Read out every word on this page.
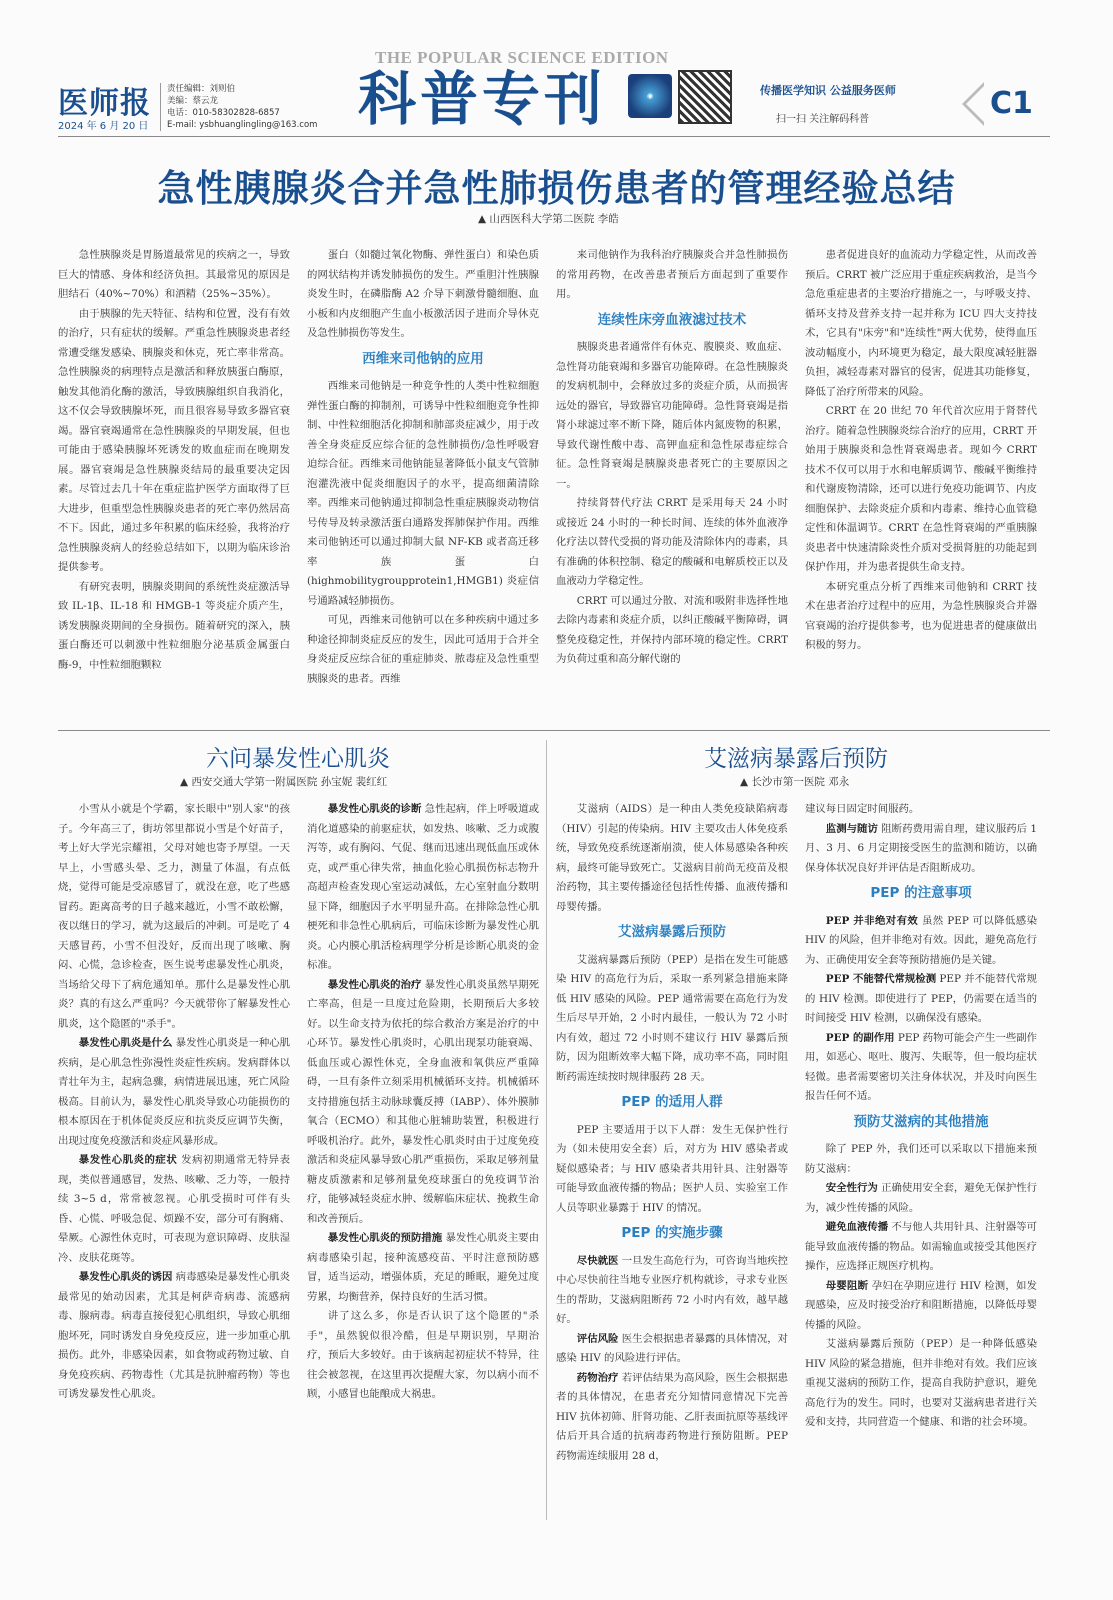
医师报
2024 年 6 月 20 日
责任编辑：刘则伯
美编：蔡云龙
电话：010-58302828-6857
E-mail: ysbhuanglingling@163.com
THE POPULAR SCIENCE EDITION
科普专刊	◉	传播医学知识 公益服务医师
扫一扫 关注解码科普	C1
急性胰腺炎合并急性肺损伤患者的管理经验总结
▲ 山西医科大学第二医院 李皓

急性胰腺炎是胃肠道最常见的疾病之一，导致巨大的情感、身体和经济负担。其最常见的原因是胆结石（40%~70%）和酒精（25%~35%）。

由于胰腺的先天特征、结构和位置，没有有效的治疗，只有症状的缓解。严重急性胰腺炎患者经常遭受继发感染、胰腺炎和休克，死亡率非常高。急性胰腺炎的病理特点是激活和释放胰蛋白酶原，触发其他消化酶的激活，导致胰腺组织自我消化，这不仅会导致胰腺坏死，而且很容易导致多器官衰竭。器官衰竭通常在急性胰腺炎的早期发展，但也可能由于感染胰腺坏死诱发的败血症而在晚期发展。器官衰竭是急性胰腺炎结局的最重要决定因素。尽管过去几十年在重症监护医学方面取得了巨大进步，但重型急性胰腺炎患者的死亡率仍然居高不下。因此，通过多年积累的临床经验，我将治疗急性胰腺炎病人的经验总结如下，以期为临床诊治提供参考。

有研究表明，胰腺炎期间的系统性炎症激活导致 IL-1β、IL-18 和 HMGB-1 等炎症介质产生，诱发胰腺炎期间的全身损伤。随着研究的深入，胰蛋白酶还可以刺激中性粒细胞分泌基质金属蛋白酶-9，中性粒细胞颗粒

蛋白（如髓过氧化物酶、弹性蛋白）和染色质的网状结构并诱发肺损伤的发生。严重胆汁性胰腺炎发生时，在磷脂酶 A2 介导下刺激骨髓细胞、血小板和内皮细胞产生血小板激活因子进而介导休克及急性肺损伤等发生。

西维来司他钠的应用

西维来司他钠是一种竞争性的人类中性粒细胞弹性蛋白酶的抑制剂，可诱导中性粒细胞竞争性抑制、中性粒细胞活化抑制和肺部炎症减少，用于改善全身炎症反应综合征的急性肺损伤/急性呼吸窘迫综合征。西维来司他钠能显著降低小鼠支气管肺泡灌洗液中促炎细胞因子的水平，提高细菌清除率。西维来司他钠通过抑制急性重症胰腺炎动物信号传导及转录激活蛋白通路发挥肺保护作用。西维来司他钠还可以通过抑制大鼠 NF-KB 或者高迁移率族蛋白 (highmobilitygroupprotein1,HMGB1) 炎症信号通路减轻肺损伤。

可见，西维来司他钠可以在多种疾病中通过多种途径抑制炎症反应的发生，因此可适用于合并全身炎症反应综合征的重症肺炎、脓毒症及急性重型胰腺炎的患者。西维

来司他钠作为我科治疗胰腺炎合并急性肺损伤的常用药物，在改善患者预后方面起到了重要作用。

连续性床旁血液滤过技术

胰腺炎患者通常伴有休克、腹膜炎、败血症、急性肾功能衰竭和多器官功能障碍。在急性胰腺炎的发病机制中，会释放过多的炎症介质，从而损害远处的器官，导致器官功能障碍。急性肾衰竭是指肾小球滤过率不断下降，随后体内氮废物的积累，导致代谢性酸中毒、高钾血症和急性尿毒症综合征。急性肾衰竭是胰腺炎患者死亡的主要原因之一。

持续肾替代疗法 CRRT 是采用每天 24 小时或接近 24 小时的一种长时间、连续的体外血液净化疗法以替代受损的肾功能及清除体内的毒素，具有准确的体积控制、稳定的酸碱和电解质校正以及血液动力学稳定性。

CRRT 可以通过分散、对流和吸附非选择性地去除内毒素和炎症介质，以纠正酸碱平衡障碍，调整免疫稳定性，并保持内部环境的稳定性。CRRT 为负荷过重和高分解代谢的

患者促进良好的血流动力学稳定性，从而改善预后。CRRT 被广泛应用于重症疾病救治，是当今急危重症患者的主要治疗措施之一，与呼吸支持、循环支持及营养支持一起并称为 ICU 四大支持技术，它具有"床旁"和"连续性"两大优势，使得血压波动幅度小，内环境更为稳定，最大限度减轻脏器负担，减轻毒素对器官的侵害，促进其功能修复，降低了治疗所带来的风险。

CRRT 在 20 世纪 70 年代首次应用于肾替代治疗。随着急性胰腺炎综合治疗的应用，CRRT 开始用于胰腺炎和急性肾衰竭患者。现如今 CRRT 技术不仅可以用于水和电解质调节、酸碱平衡维持和代谢废物清除，还可以进行免疫功能调节、内皮细胞保护、去除炎症介质和内毒素、维持心血管稳定性和体温调节。CRRT 在急性肾衰竭的严重胰腺炎患者中快速清除炎性介质对受损肾脏的功能起到保护作用，并为患者提供生命支持。

本研究重点分析了西维来司他钠和 CRRT 技术在患者治疗过程中的应用，为急性胰腺炎合并器官衰竭的治疗提供参考，也为促进患者的健康做出积极的努力。

六问暴发性心肌炎
▲ 西安交通大学第一附属医院 孙宝妮 裴红红

小雪从小就是个学霸，家长眼中"别人家"的孩子。今年高三了，街坊邻里都说小雪是个好苗子，考上好大学光宗耀祖，父母对她也寄予厚望。一天早上，小雪感头晕、乏力，测量了体温，有点低烧，觉得可能是受凉感冒了，就没在意，吃了些感冒药。距离高考的日子越来越近，小雪不敢松懈，夜以继日的学习，就为这最后的冲刺。可是吃了 4 天感冒药，小雪不但没好，反而出现了咳嗽、胸闷、心慌，急诊检查，医生说考虑暴发性心肌炎，当场给父母下了病危通知单。那什么是暴发性心肌炎？真的有这么严重吗？今天就带你了解暴发性心肌炎，这个隐匿的"杀手"。

暴发性心肌炎是什么 暴发性心肌炎是一种心肌疾病，是心肌急性弥漫性炎症性疾病。发病群体以青壮年为主，起病急骤，病情进展迅速，死亡风险极高。目前认为，暴发性心肌炎导致心功能损伤的根本原因在于机体促炎反应和抗炎反应调节失衡，出现过度免疫激活和炎症风暴形成。

暴发性心肌炎的症状 发病初期通常无特异表现，类似普通感冒，发热、咳嗽、乏力等，一般持续 3~5 d，常常被忽视。心肌受损时可伴有头昏、心慌、呼吸急促、烦躁不安，部分可有胸痛、晕厥。心源性休克时，可表现为意识障碍、皮肤湿冷、皮肤花斑等。

暴发性心肌炎的诱因 病毒感染是暴发性心肌炎最常见的始动因素，尤其是柯萨奇病毒、流感病毒、腺病毒。病毒直接侵犯心肌组织，导致心肌细胞坏死，同时诱发自身免疫反应，进一步加重心肌损伤。此外，非感染因素，如食物或药物过敏、自身免疫疾病、药物毒性（尤其是抗肿瘤药物）等也可诱发暴发性心肌炎。

暴发性心肌炎的诊断 急性起病，伴上呼吸道或消化道感染的前驱症状，如发热、咳嗽、乏力或腹泻等，或有胸闷、气促、继而迅速出现低血压或休克，或严重心律失常，抽血化验心肌损伤标志物升高超声检查发现心室运动减低，左心室射血分数明显下降，细胞因子水平明显升高。在排除急性心肌梗死和非急性心肌病后，可临床诊断为暴发性心肌炎。心内膜心肌活检病理学分析是诊断心肌炎的金标准。

暴发性心肌炎的治疗 暴发性心肌炎虽然早期死亡率高，但是一旦度过危险期，长期预后大多较好。以生命支持为依托的综合救治方案是治疗的中心环节。暴发性心肌炎时，心肌出现泵功能衰竭、低血压或心源性休克，全身血液和氧供应严重障碍，一旦有条件立刻采用机械循环支持。机械循环支持措施包括主动脉球囊反搏（IABP）、体外膜肺氧合（ECMO）和其他心脏辅助装置，积极进行呼吸机治疗。此外，暴发性心肌炎时由于过度免疫激活和炎症风暴导致心肌严重损伤，采取足够剂量糖皮质激素和足够剂量免疫球蛋白的免疫调节治疗，能够减轻炎症水肿、缓解临床症状、挽救生命和改善预后。

暴发性心肌炎的预防措施 暴发性心肌炎主要由病毒感染引起，接种流感疫苗、平时注意预防感冒，适当运动，增强体质，充足的睡眠，避免过度劳累，均衡营养，保持良好的生活习惯。

讲了这么多，你是否认识了这个隐匿的"杀手"，虽然貌似很冷酷，但是早期识别，早期治疗，预后大多较好。由于该病起初症状不特异，往往会被忽视，在这里再次提醒大家，勿以病小而不顾，小感冒也能酿成大祸患。

艾滋病暴露后预防
▲ 长沙市第一医院 邓永

艾滋病（AIDS）是一种由人类免疫缺陷病毒（HIV）引起的传染病。HIV 主要攻击人体免疫系统，导致免疫系统逐渐崩溃，使人体易感染各种疾病，最终可能导致死亡。艾滋病目前尚无疫苗及根治药物，其主要传播途径包括性传播、血液传播和母婴传播。

艾滋病暴露后预防

艾滋病暴露后预防（PEP）是指在发生可能感染 HIV 的高危行为后，采取一系列紧急措施来降低 HIV 感染的风险。PEP 通常需要在高危行为发生后尽早开始，2 小时内最佳，一般认为 72 小时内有效，超过 72 小时则不建议行 HIV 暴露后预防，因为阻断效率大幅下降，成功率不高，同时阻断药需连续按时规律服药 28 天。

PEP 的适用人群

PEP 主要适用于以下人群：发生无保护性行为（如未使用安全套）后，对方为 HIV 感染者或疑似感染者；与 HIV 感染者共用针具、注射器等可能导致血液传播的物品；医护人员、实验室工作人员等职业暴露于 HIV 的情况。

PEP 的实施步骤

尽快就医 一旦发生高危行为，可咨询当地疾控中心尽快前往当地专业医疗机构就诊，寻求专业医生的帮助，艾滋病阻断药 72 小时内有效，越早越好。

评估风险 医生会根据患者暴露的具体情况，对感染 HIV 的风险进行评估。

药物治疗 若评估结果为高风险，医生会根据患者的具体情况，在患者充分知情同意情况下完善 HIV 抗体初筛、肝肾功能、乙肝表面抗原等基线评估后开具合适的抗病毒药物进行预防阻断。PEP 药物需连续服用 28 d，

建议每日固定时间服药。

监测与随访 阻断药费用需自理，建议服药后 1 月、3 月、6 月定期接受医生的监测和随访，以确保身体状况良好并评估是否阻断成功。

PEP 的注意事项

PEP 并非绝对有效 虽然 PEP 可以降低感染 HIV 的风险，但并非绝对有效。因此，避免高危行为、正确使用安全套等预防措施仍是关键。

PEP 不能替代常规检测 PEP 并不能替代常规的 HIV 检测。即使进行了 PEP，仍需要在适当的时间接受 HIV 检测，以确保没有感染。

PEP 的副作用 PEP 药物可能会产生一些副作用，如恶心、呕吐、腹泻、失眠等，但一般均症状轻微。患者需要密切关注身体状况，并及时向医生报告任何不适。

预防艾滋病的其他措施

除了 PEP 外，我们还可以采取以下措施来预防艾滋病：

安全性行为 正确使用安全套，避免无保护性行为，减少性传播的风险。

避免血液传播 不与他人共用针具、注射器等可能导致血液传播的物品。如需输血或接受其他医疗操作，应选择正规医疗机构。

母婴阻断 孕妇在孕期应进行 HIV 检测，如发现感染，应及时接受治疗和阻断措施，以降低母婴传播的风险。

艾滋病暴露后预防（PEP）是一种降低感染 HIV 风险的紧急措施，但并非绝对有效。我们应该重视艾滋病的预防工作，提高自我防护意识，避免高危行为的发生。同时，也要对艾滋病患者进行关爱和支持，共同营造一个健康、和谐的社会环境。
